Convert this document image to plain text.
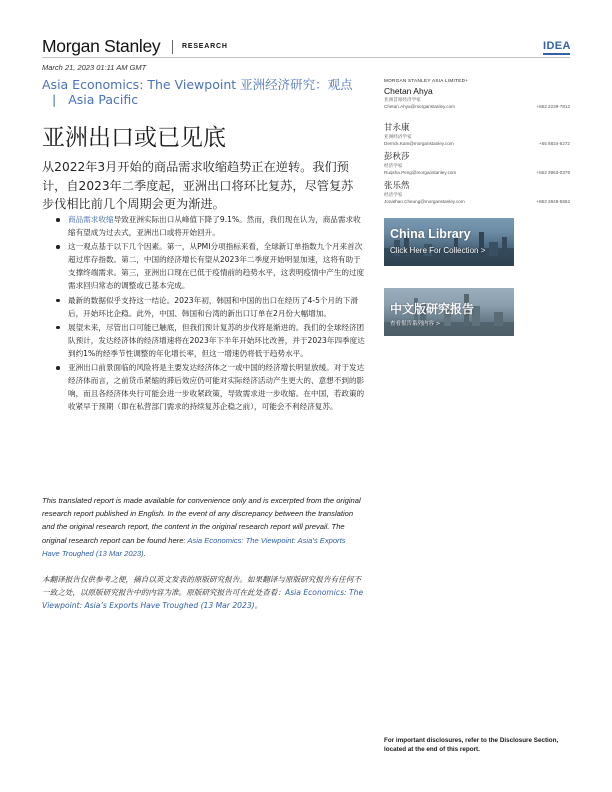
Morgan Stanley	RESEARCH	IDEA
March 21, 2023 01:11 AM GMT
Asia Economics: The Viewpoint 亚洲经济研究：观点| Asia Pacific
亚洲出口或已见底
从2022年3月开始的商品需求收缩趋势正在逆转。我们预计，自2023年二季度起，亚洲出口将环比复苏，尽管复苏步伐相比前几个周期会更为渐进。
商品需求收缩导致亚洲实际出口从峰值下降了9.1%。然而，我们现在认为，商品需求收缩有望成为过去式，亚洲出口或将开始回升。
这一观点基于以下几个因素。第一，从PMI分项指标来看，全球新订单指数九个月来首次超过库存指数。第二，中国的经济增长有望从2023年二季度开始明显加速，这将有助于支撑终端需求。第三，亚洲出口现在已低于疫情前的趋势水平，这表明疫情中产生的过度需求回归常态的调整或已基本完成。
最新的数据似乎支持这一结论。2023年初，韩国和中国的出口在经历了4-5个月的下滑后，开始环比企稳。此外，中国、韩国和台湾的新出口订单在2月份大幅增加。
展望未来，尽管出口可能已触底，但我们预计复苏的步伐将是渐进的。我们的全球经济团队预计，发达经济体的经济增速将在2023年下半年开始环比改善，并于2023年四季度达到约1%的经季节性调整的年化增长率，但这一增速仍将低于趋势水平。
亚洲出口前景面临的风险将是主要发达经济体之一或中国的经济增长明显放缓。对于发达经济体而言，之前货币紧缩的滞后效应仍可能对实际经济活动产生更大的、意想不到的影响，而且各经济体央行可能会进一步收紧政策，导致需求进一步收缩。在中国，若政策的收紧早于预期（即在私营部门需求的持续复苏企稳之前），可能会不利经济复苏。
This translated report is made available for convenience only and is excerpted from the original research report published in English. In the event of any discrepancy between the translation and the original research report, the content in the original research report will prevail. The original research report can be found here: Asia Economics: The Viewpoint: Asia’s Exports Have Troughed (13 Mar 2023).
本翻译报告仅供参考之便，摘自以英文发表的原版研究报告。如果翻译与原版研究报告有任何不一致之处，以原版研究报告中的内容为准。原版研究报告可在此处查看：Asia Economics: The Viewpoint: Asia’s Exports Have Troughed (13 Mar 2023)。
MORGAN STANLEY ASIA LIMITED+
Chetan Ahya
亚洲首席经济学家
Chetan.Ahya@morganstanley.com	+852 2239-7812
甘永康
亚洲经济学家
Derrick.Kam@morganstanley.com	+65 6834-6272
彭秋莎
经济学家
Ruqsha.Peng@morganstanley.com	+852 3963-0376
张乐然
经济学家
Jonathan.Cheung@morganstanley.com	+852 2848-5652
China Library
Click Here For Collection >
中文版研究报告
查看报告系列内容 >
For important disclosures, refer to the Disclosure Section, located at the end of this report.
